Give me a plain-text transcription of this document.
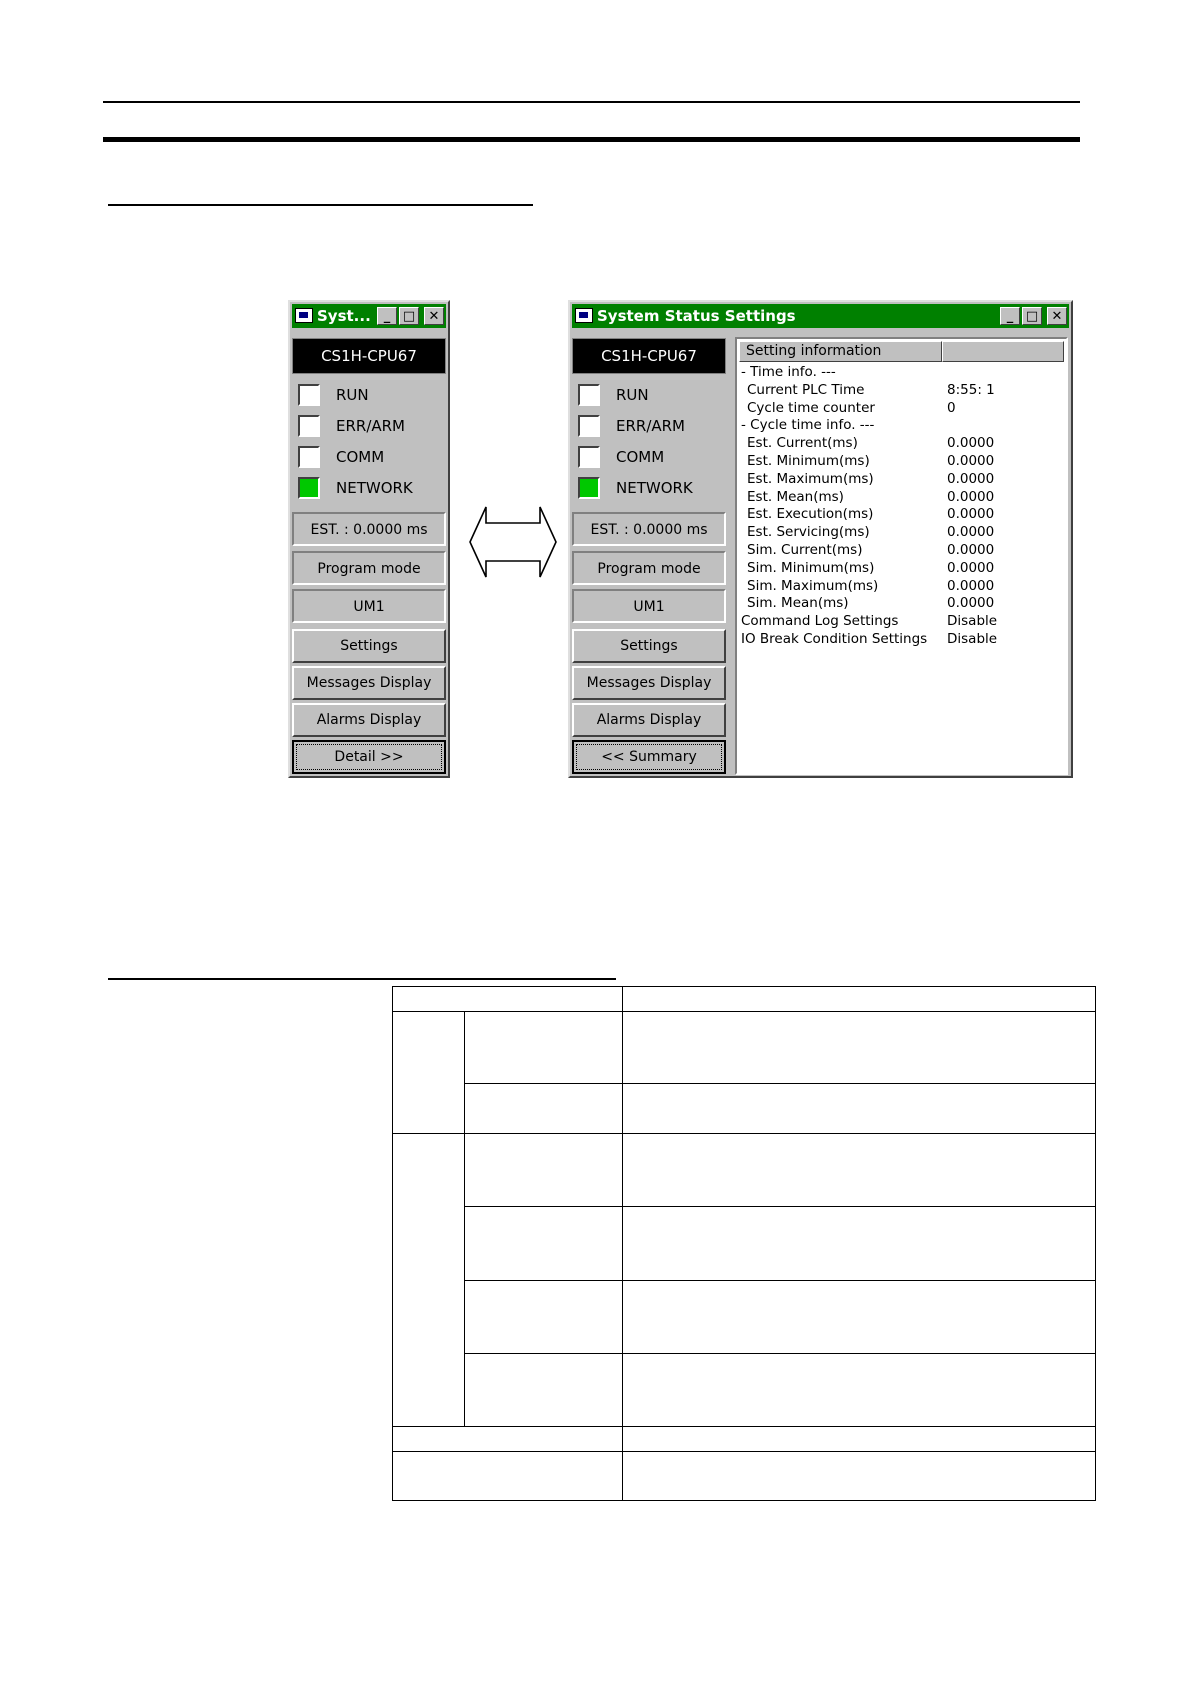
Syst... _ □	✕
CS1H-CPU67
RUN
ERR/ARM
COMM
NETWORK
EST. : 0.0000 ms
Program mode
UM1
Settings
Messages Display
Alarms Display
Detail >>
System Status Settings	_ □	✕
CS1H-CPU67
RUN
ERR/ARM
COMM
NETWORK
EST. : 0.0000 ms
Program mode
UM1
Settings
Messages Display
Alarms Display
<< Summary
Setting information
- Time info. ---
Current PLC Time	8:55: 1
Cycle time counter	0
- Cycle time info. ---
Est. Current(ms)	0.0000
Est. Minimum(ms)	0.0000
Est. Maximum(ms)	0.0000
Est. Mean(ms)	0.0000
Est. Execution(ms)	0.0000
Est. Servicing(ms)	0.0000
Sim. Current(ms)	0.0000
Sim. Minimum(ms)	0.0000
Sim. Maximum(ms)	0.0000
Sim. Mean(ms)	0.0000
Command Log Settings	Disable
IO Break Condition Settings Disable
